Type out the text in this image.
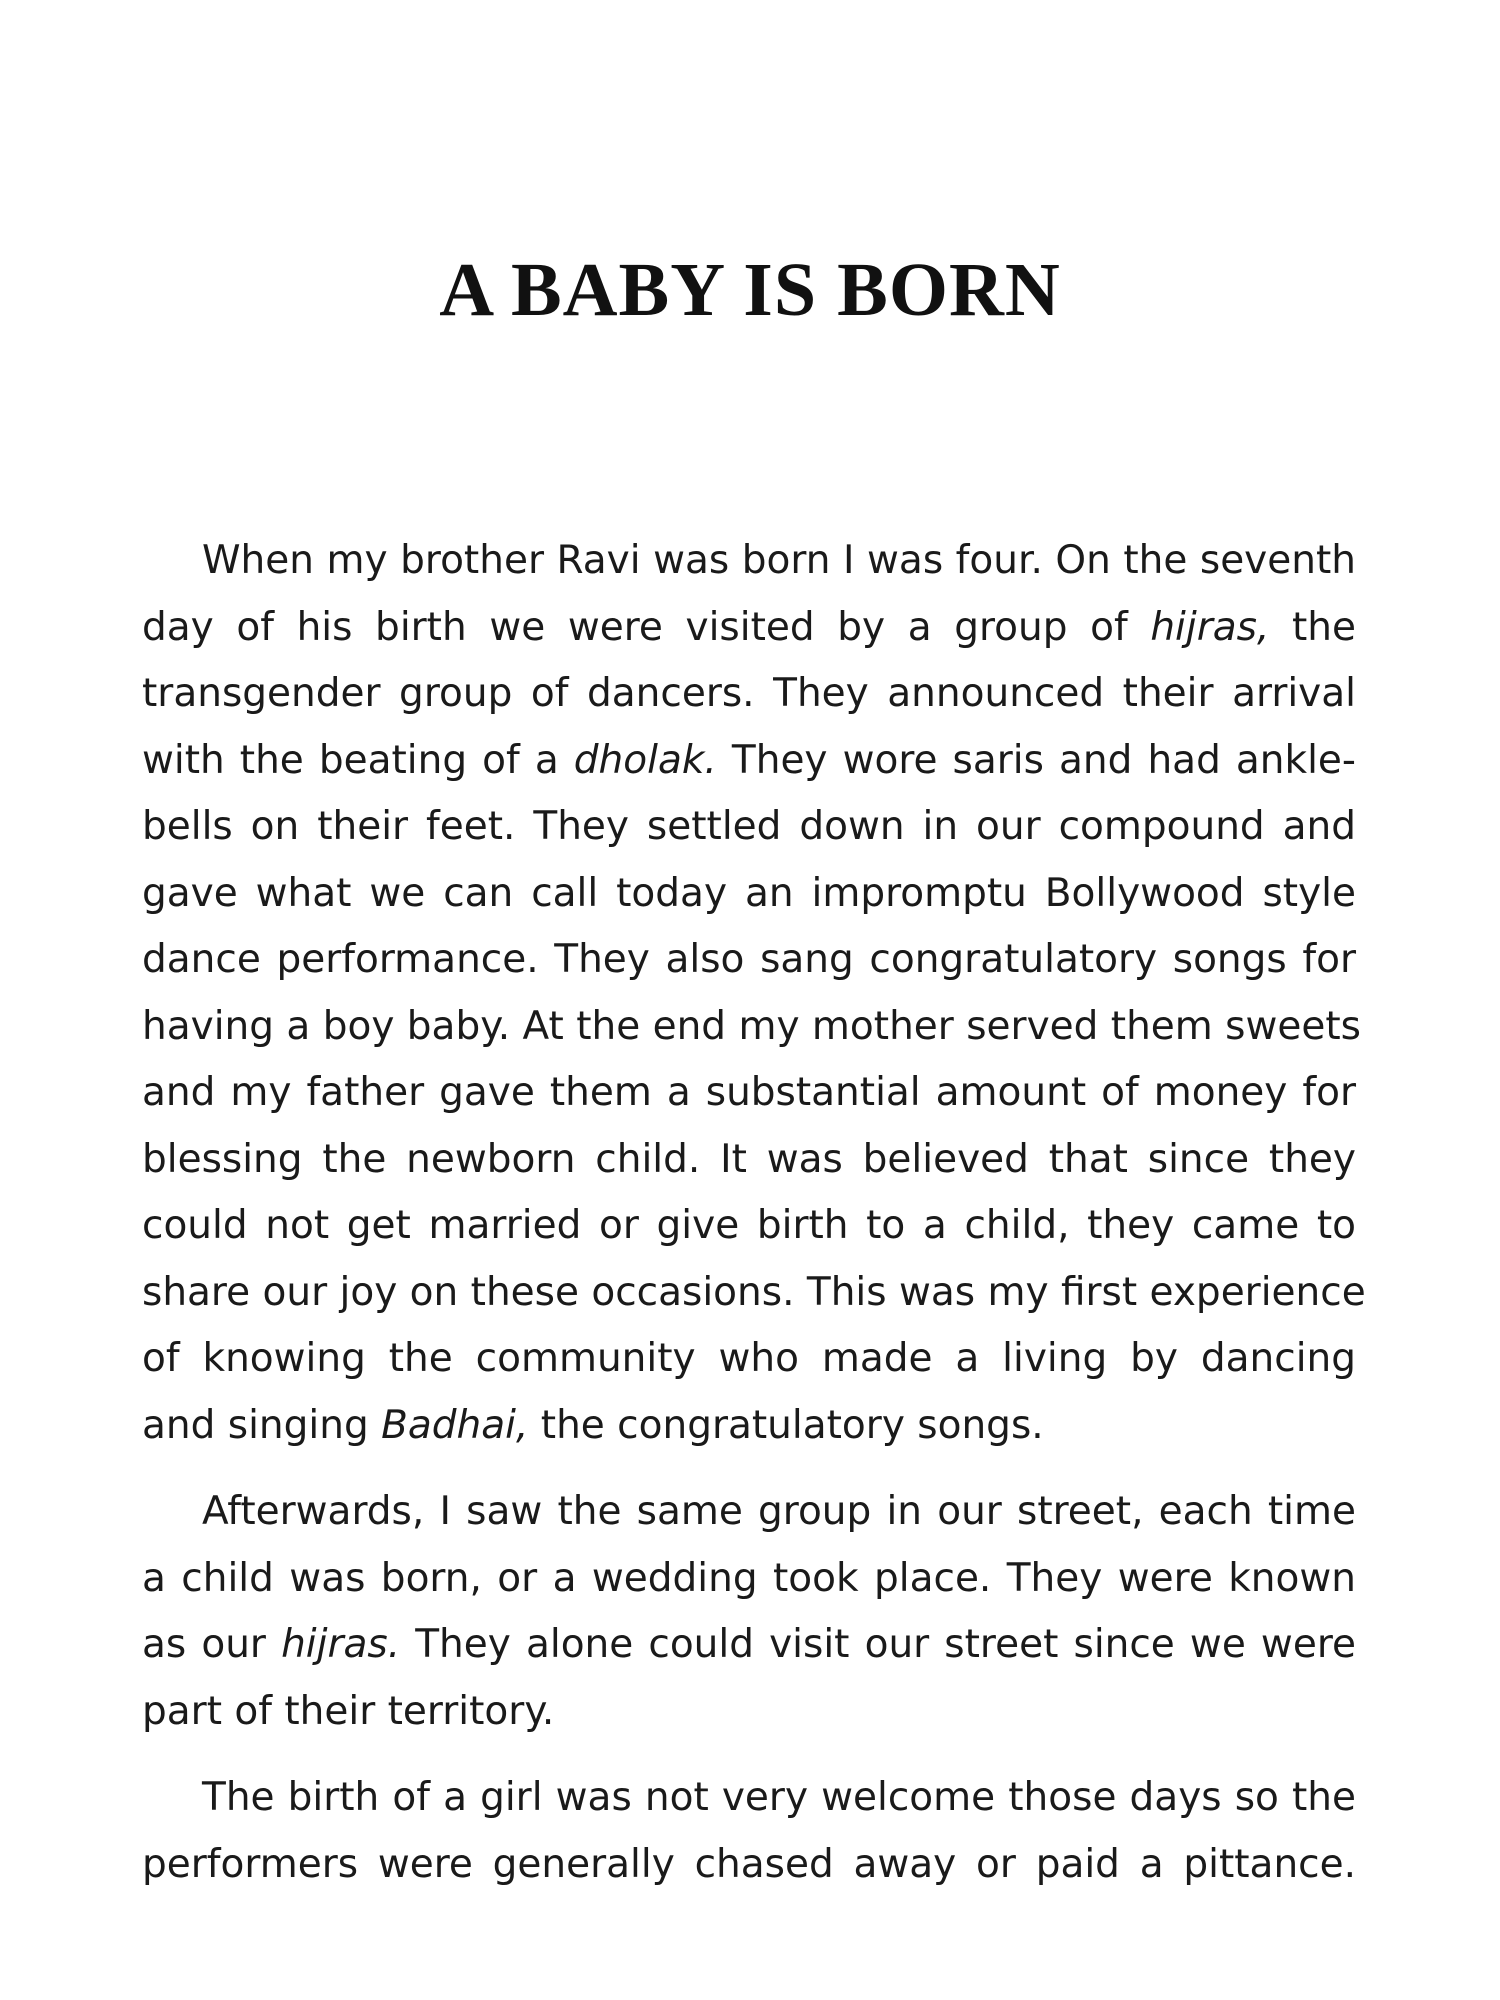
A BABY IS BORN
When my brother Ravi was born I was four. On the seventh
day of his birth we were visited by a group of hijras, the
transgender group of dancers. They announced their arrival
with the beating of a dholak. They wore saris and had ankle-
bells on their feet. They settled down in our compound and
gave what we can call today an impromptu Bollywood style
dance performance. They also sang congratulatory songs for
having a boy baby. At the end my mother served them sweets
and my father gave them a substantial amount of money for
blessing the newborn child. It was believed that since they
could not get married or give birth to a child, they came to
share our joy on these occasions. This was my first experience
of knowing the community who made a living by dancing
and singing Badhai, the congratulatory songs.
Afterwards, I saw the same group in our street, each time
a child was born, or a wedding took place. They were known
as our hijras. They alone could visit our street since we were
part of their territory.
The birth of a girl was not very welcome those days so the
performers were generally chased away or paid a pittance.
